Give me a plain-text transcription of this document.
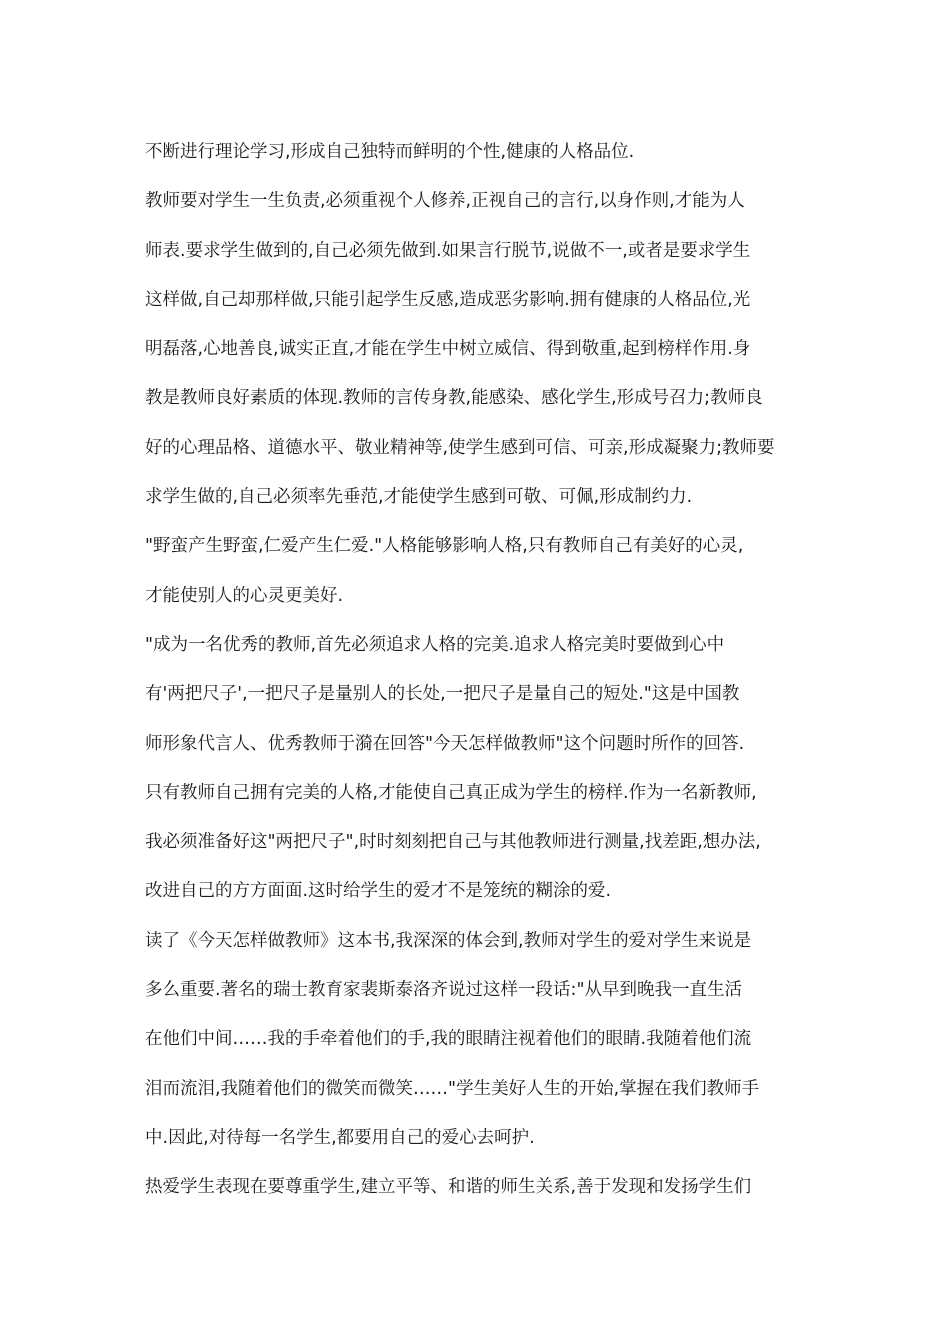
不断进行理论学习,形成自己独特而鲜明的个性,健康的人格品位.
教师要对学生一生负责,必须重视个人修养,正视自己的言行,以身作则,才能为人
师表.要求学生做到的,自己必须先做到.如果言行脱节,说做不一,或者是要求学生
这样做,自己却那样做,只能引起学生反感,造成恶劣影响.拥有健康的人格品位,光
明磊落,心地善良,诚实正直,才能在学生中树立威信、得到敬重,起到榜样作用.身
教是教师良好素质的体现.教师的言传身教,能感染、感化学生,形成号召力;教师良
好的心理品格、道德水平、敬业精神等,使学生感到可信、可亲,形成凝聚力;教师要
求学生做的,自己必须率先垂范,才能使学生感到可敬、可佩,形成制约力.
"野蛮产生野蛮,仁爱产生仁爱."人格能够影响人格,只有教师自己有美好的心灵,
才能使别人的心灵更美好.
"成为一名优秀的教师,首先必须追求人格的完美.追求人格完美时要做到心中
有'两把尺子',一把尺子是量别人的长处,一把尺子是量自己的短处."这是中国教
师形象代言人、优秀教师于漪在回答"今天怎样做教师"这个问题时所作的回答.
只有教师自己拥有完美的人格,才能使自己真正成为学生的榜样.作为一名新教师,
我必须准备好这"两把尺子",时时刻刻把自己与其他教师进行测量,找差距,想办法,
改进自己的方方面面.这时给学生的爱才不是笼统的糊涂的爱.
读了《今天怎样做教师》这本书,我深深的体会到,教师对学生的爱对学生来说是
多么重要.著名的瑞士教育家裴斯泰洛齐说过这样一段话:"从早到晚我一直生活
在他们中间……我的手牵着他们的手,我的眼睛注视着他们的眼睛.我随着他们流
泪而流泪,我随着他们的微笑而微笑……"学生美好人生的开始,掌握在我们教师手
中.因此,对待每一名学生,都要用自己的爱心去呵护.
热爱学生表现在要尊重学生,建立平等、和谐的师生关系,善于发现和发扬学生们
